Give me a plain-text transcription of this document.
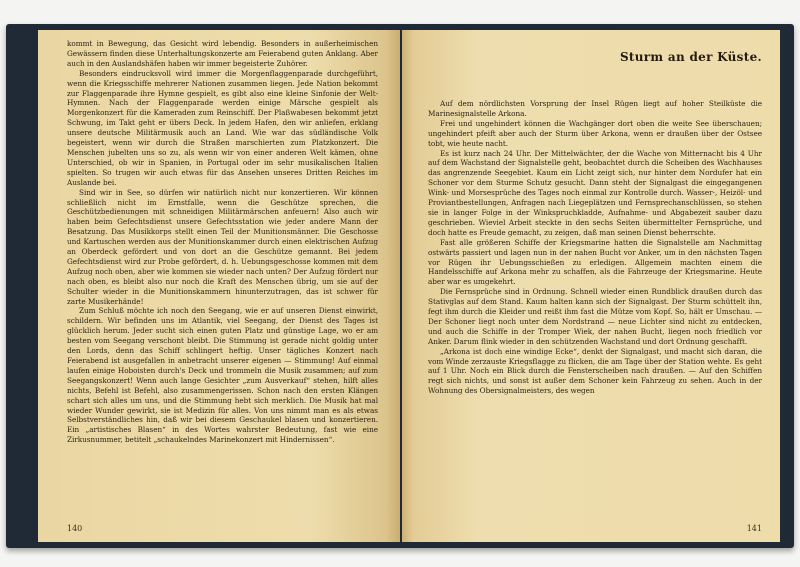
kommt in Bewegung, das Gesicht wird lebendig. Besonders in außerheimischen Gewässern finden diese Unterhaltungskonzerte am Feierabend guten Anklang. Aber auch in den Auslandshäfen haben wir immer begeisterte Zuhörer.

Besonders eindrucksvoll wird immer die Morgenflaggenparade durchgeführt, wenn die Kriegsschiffe mehrerer Nationen zusammen liegen. Jede Nation bekommt zur Flaggenparade ihre Hymne gespielt, es gibt also eine kleine Sinfonie der Welt-Hymnen. Nach der Flaggenparade werden einige Märsche gespielt als Morgenkonzert für die Kameraden zum Reinschiff. Der Plaßwabesen bekommt jetzt Schwung, im Takt geht er übers Deck. In jedem Hafen, den wir anliefen, erklang unsere deutsche Militärmusik auch an Land. Wie war das südländische Volk begeistert, wenn wir durch die Straßen marschierten zum Platzkonzert. Die Menschen jubelten uns so zu, als wenn wir von einer anderen Welt kämen, ohne Unterschied, ob wir in Spanien, in Portugal oder im sehr musikalischen Italien spielten. So trugen wir auch etwas für das Ansehen unseres Dritten Reiches im Auslande bei.

Sind wir in See, so dürfen wir natürlich nicht nur konzertieren. Wir können schließlich nicht im Ernstfalle, wenn die Geschütze sprechen, die Geschützbedienungen mit schneidigen Militärmärschen anfeuern! Also auch wir haben beim Gefechtsdienst unsere Gefechtsstation wie jeder andere Mann der Besatzung. Das Musikkorps stellt einen Teil der Munitionsmänner. Die Geschosse und Kartuschen werden aus der Munitionskammer durch einen elektrischen Aufzug an Oberdeck gefördert und von dort an die Geschütze gemannt. Bei jedem Gefechtsdienst wird zur Probe gefördert, d. h. Uebungsgeschosse kommen mit dem Aufzug noch oben, aber wie kommen sie wieder nach unten? Der Aufzug fördert nur nach oben, es bleibt also nur noch die Kraft des Menschen übrig, um sie auf der Schulter wieder in die Munitionskammern hinunterzutragen, das ist schwer für zarte Musikerhände!

Zum Schluß möchte ich noch den Seegang, wie er auf unseren Dienst einwirkt, schildern. Wir befinden uns im Atlantik, viel Seegang, der Dienst des Tages ist glücklich herum. Jeder sucht sich einen guten Platz und günstige Lage, wo er am besten vom Seegang verschont bleibt. Die Stimmung ist gerade nicht goldig unter den Lords, denn das Schiff schlingert heftig. Unser tägliches Konzert nach Feierabend ist ausgefallen in anbetracht unserer eigenen — Stimmung! Auf einmal laufen einige Hoboisten durch's Deck und trommeln die Musik zusammen; auf zum Seegangskonzert! Wenn auch lange Gesichter „zum Ausverkauf“ stehen, hilft alles nichts, Befehl ist Befehl, also zusammengerissen. Schon nach den ersten Klängen schart sich alles um uns, und die Stimmung hebt sich merklich. Die Musik hat mal wieder Wunder gewirkt, sie ist Medizin für alles. Von uns nimmt man es als etwas Selbstverständliches hin, daß wir bei diesem Geschaukel blasen und konzertieren. Ein „artistisches Blasen“ in des Wortes wahrster Bedeutung, fast wie eine Zirkusnummer, betitelt „schaukelndes Marinekonzert mit Hindernissen“.

140
Sturm an der Küste.

Auf dem nördlichsten Vorsprung der Insel Rügen liegt auf hoher Steilküste die Marinesignalstelle Arkona.

Frei und ungehindert können die Wachgänger dort oben die weite See überschauen; ungehindert pfeift aber auch der Sturm über Arkona, wenn er draußen über der Ostsee tobt, wie heute nacht.

Es ist kurz nach 24 Uhr. Der Mittelwächter, der die Wache von Mitternacht bis 4 Uhr auf dem Wachstand der Signalstelle geht, beobachtet durch die Scheiben des Wachhauses das angrenzende Seegebiet. Kaum ein Licht zeigt sich, nur hinter dem Nordufer hat ein Schoner vor dem Sturme Schutz gesucht. Dann steht der Signalgast die eingegangenen Wink- und Morsesprüche des Tages noch einmal zur Kontrolle durch. Wasser-, Heizöl- und Proviantbestellungen, Anfragen nach Liegeplätzen und Fernsprechanschlüssen, so stehen sie in langer Folge in der Winkspruchkladde, Aufnahme- und Abgabezeit sauber dazu geschrieben. Wieviel Arbeit steckte in den sechs Seiten übermittelter Fernsprüche, und doch hatte es Freude gemacht, zu zeigen, daß man seinen Dienst beherrschte.

Fast alle größeren Schiffe der Kriegsmarine hatten die Signalstelle am Nachmittag ostwärts passiert und lagen nun in der nahen Bucht vor Anker, um in den nächsten Tagen vor Rügen ihr Uebungsschießen zu erledigen. Allgemein machten einem die Handelsschiffe auf Arkona mehr zu schaffen, als die Fahrzeuge der Kriegsmarine. Heute aber war es umgekehrt.

Die Fernsprüche sind in Ordnung. Schnell wieder einen Rundblick draußen durch das Stativglas auf dem Stand. Kaum halten kann sich der Signalgast. Der Sturm schüttelt ihn, fegt ihm durch die Kleider und reißt ihm fast die Mütze vom Kopf. So, hält er Umschau. — Der Schoner liegt noch unter dem Nordstrand — neue Lichter sind nicht zu entdecken, und auch die Schiffe in der Tromper Wiek, der nahen Bucht, liegen noch friedlich vor Anker. Darum flink wieder in den schützenden Wachstand und dort Ordnung geschafft.

„Arkona ist doch eine windige Ecke“, denkt der Signalgast, und macht sich daran, die vom Winde zerzauste Kriegsflagge zu flicken, die am Tage über der Station wehte. Es geht auf 1 Uhr. Noch ein Blick durch die Fensterscheiben nach draußen. — Auf den Schiffen regt sich nichts, und sonst ist außer dem Schoner kein Fahrzeug zu sehen. Auch in der Wohnung des Obersignalmeisters, des wegen

141
